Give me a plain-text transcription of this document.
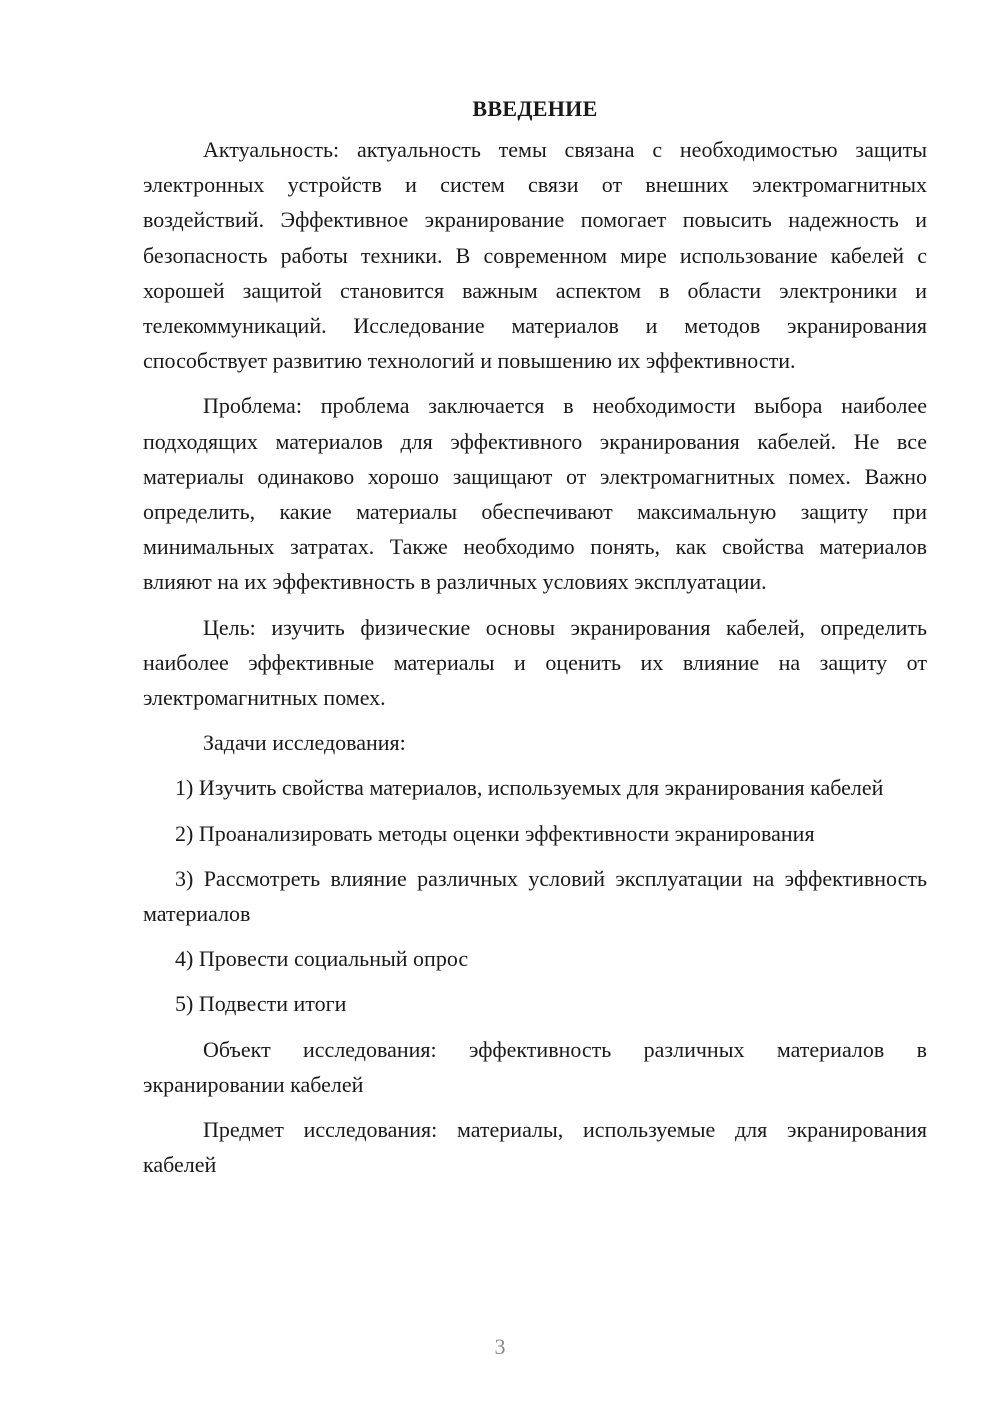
ВВЕДЕНИЕ

Актуальность: актуальность темы связана с необходимостью защиты электронных устройств и систем связи от внешних электромагнитных воздействий. Эффективное экранирование помогает повысить надежность и безопасность работы техники. В современном мире использование кабелей с хорошей защитой становится важным аспектом в области электроники и телекоммуникаций. Исследование материалов и методов экранирования способствует развитию технологий и повышению их эффективности.

Проблема: проблема заключается в необходимости выбора наиболее подходящих материалов для эффективного экранирования кабелей. Не все материалы одинаково хорошо защищают от электромагнитных помех. Важно определить, какие материалы обеспечивают максимальную защиту при минимальных затратах. Также необходимо понять, как свойства материалов влияют на их эффективность в различных условиях эксплуатации.

Цель: изучить физические основы экранирования кабелей, определить наиболее эффективные материалы и оценить их влияние на защиту от электромагнитных помех.

Задачи исследования:

1) Изучить свойства материалов, используемых для экранирования кабелей

2) Проанализировать методы оценки эффективности экранирования

3) Рассмотреть влияние различных условий эксплуатации на эффективность материалов

4) Провести социальный опрос

5) Подвести итоги

Объект исследования: эффективность различных материалов в экранировании кабелей

Предмет исследования: материалы, используемые для экранирования кабелей

3
